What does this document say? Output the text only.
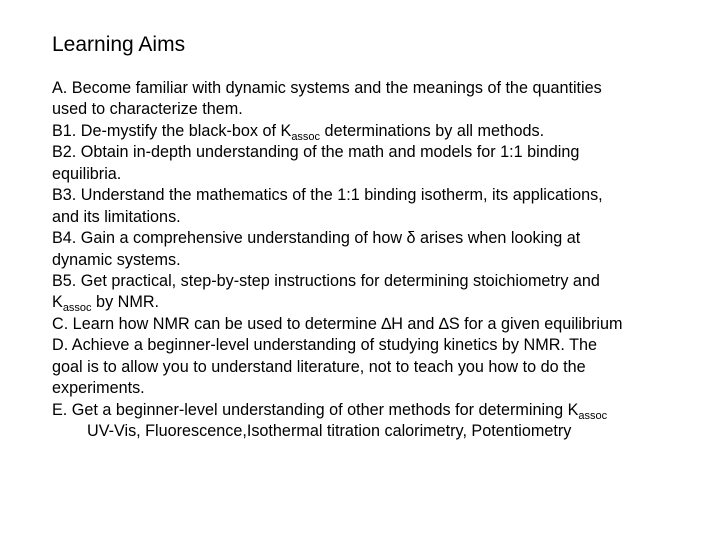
Learning Aims
A. Become familiar with dynamic systems and the meanings of the quantities
used to characterize them.
B1. De-mystify the black-box of $K_{assoc}$ determinations by all methods.
B2. Obtain in-depth understanding of the math and models for 1:1 binding
equilibria.
B3. Understand the mathematics of the 1:1 binding isotherm, its applications,
and its limitations.
B4. Gain a comprehensive understanding of how δ arises when looking at
dynamic systems.
B5. Get practical, step-by-step instructions for determining stoichiometry and
$K_{assoc}$ by NMR.
C. Learn how NMR can be used to determine ∆H and ∆S for a given equilibrium
D. Achieve a beginner-level understanding of studying kinetics by NMR. The
goal is to allow you to understand literature, not to teach you how to do the
experiments.
E. Get a beginner-level understanding of other methods for determining $K_{assoc}$
UV-Vis, Fluorescence,Isothermal titration calorimetry, Potentiometry
